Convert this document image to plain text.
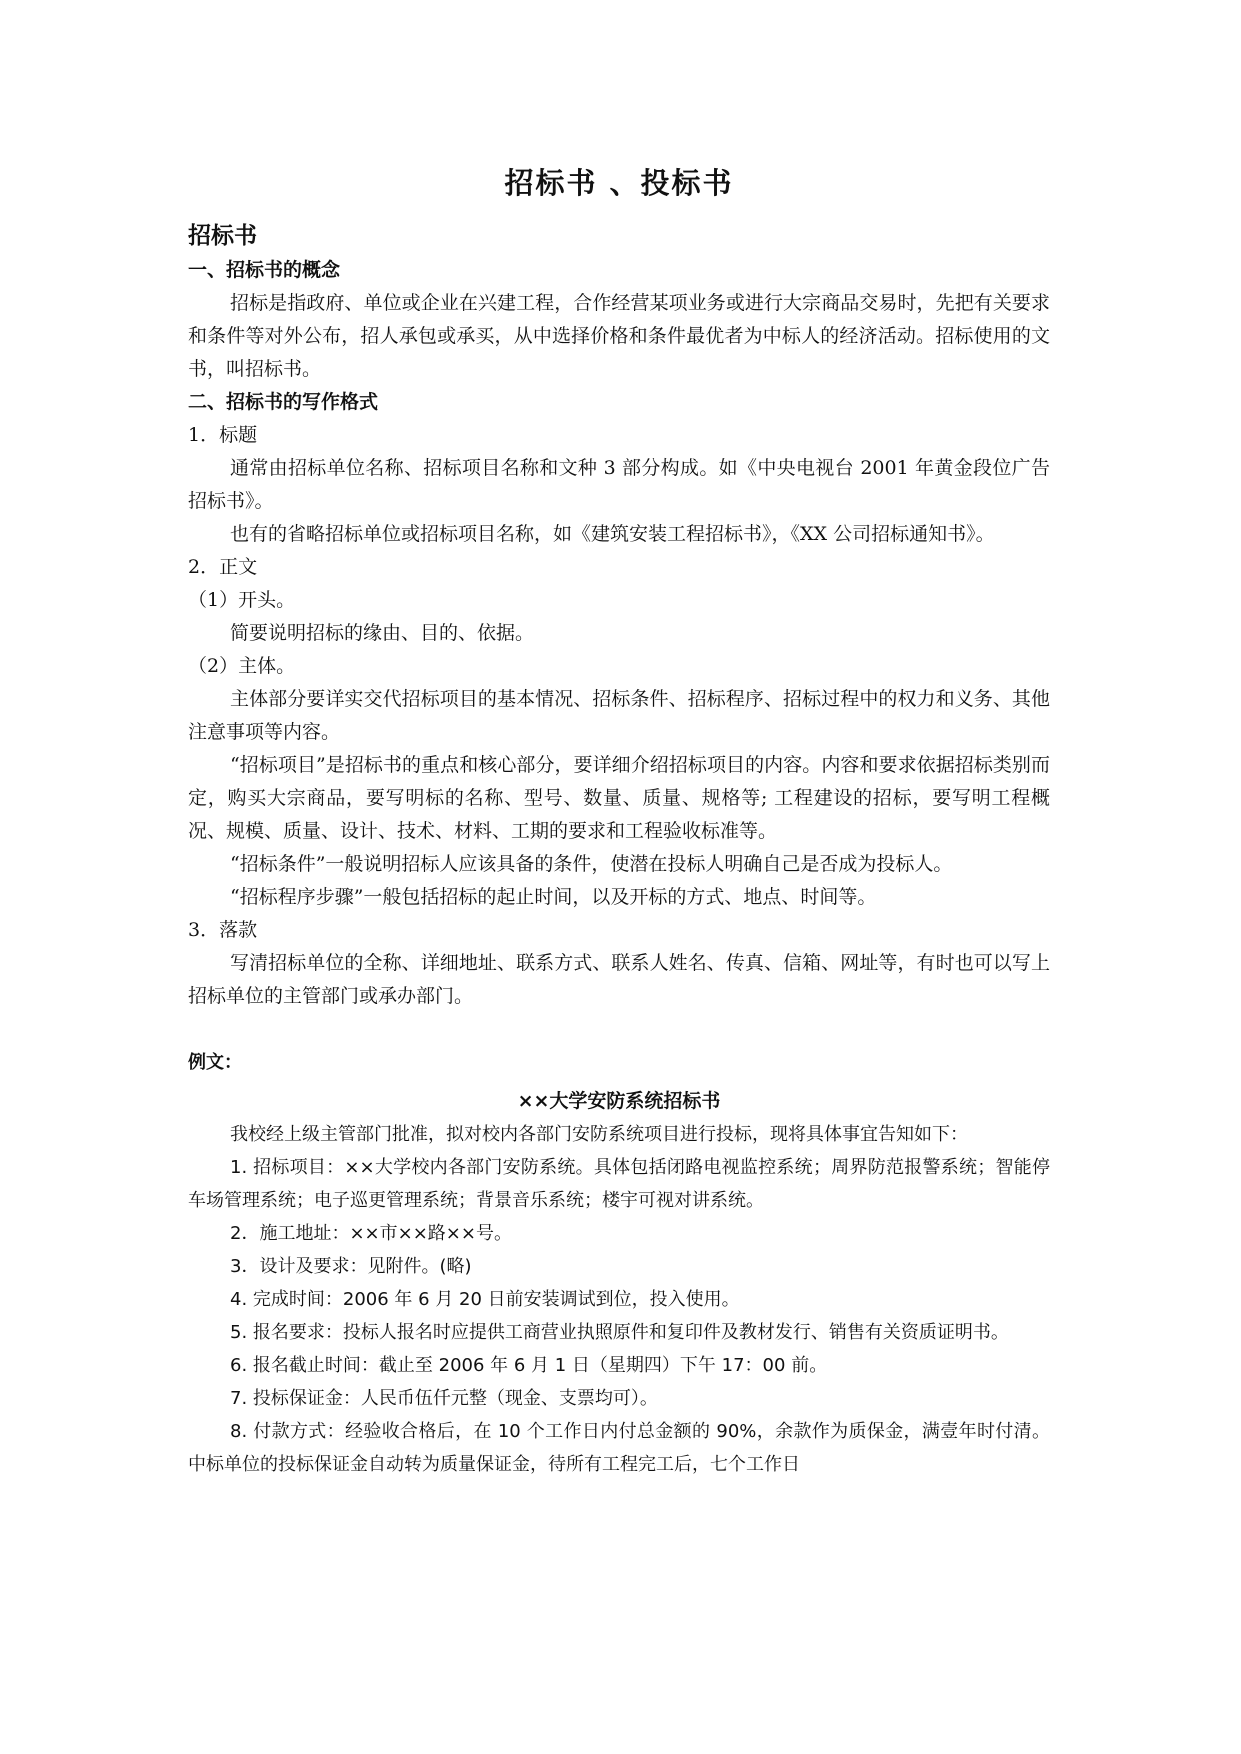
招标书 、投标书
招标书
一、招标书的概念

招标是指政府、单位或企业在兴建工程，合作经营某项业务或进行大宗商品交易时，先把有关要求和条件等对外公布，招人承包或承买，从中选择价格和条件最优者为中标人的经济活动。招标使用的文书，叫招标书。

二、招标书的写作格式
1．标题

通常由招标单位名称、招标项目名称和文种 3 部分构成。如《中央电视台 2001 年黄金段位广告招标书》。

也有的省略招标单位或招标项目名称，如《建筑安装工程招标书》，《XX 公司招标通知书》。

2．正文
（1）开头。

简要说明招标的缘由、目的、依据。

（2）主体。

主体部分要详实交代招标项目的基本情况、招标条件、招标程序、招标过程中的权力和义务、其他注意事项等内容。

“招标项目”是招标书的重点和核心部分，要详细介绍招标项目的内容。内容和要求依据招标类别而定，购买大宗商品，要写明标的名称、型号、数量、质量、规格等; 工程建设的招标，要写明工程概况、规模、质量、设计、技术、材料、工期的要求和工程验收标准等。

“招标条件”一般说明招标人应该具备的条件，使潜在投标人明确自己是否成为投标人。

“招标程序步骤”一般包括招标的起止时间，以及开标的方式、地点、时间等。

3．落款

写清招标单位的全称、详细地址、联系方式、联系人姓名、传真、信箱、网址等，有时也可以写上招标单位的主管部门或承办部门。

例文：
××大学安防系统招标书

我校经上级主管部门批准，拟对校内各部门安防系统项目进行投标，现将具体事宜告知如下：

1. 招标项目：××大学校内各部门安防系统。具体包括闭路电视监控系统；周界防范报警系统；智能停车场管理系统；电子巡更管理系统；背景音乐系统；楼宇可视对讲系统。

2．施工地址：××市××路××号。

3．设计及要求：见附件。(略)

4. 完成时间：2006 年 6 月 20 日前安装调试到位，投入使用。

5. 报名要求：投标人报名时应提供工商营业执照原件和复印件及教材发行、销售有关资质证明书。

6. 报名截止时间：截止至 2006 年 6 月 1 日（星期四）下午 17：00 前。

7. 投标保证金：人民币伍仟元整（现金、支票均可）。

8. 付款方式：经验收合格后，在 10 个工作日内付总金额的 90%，余款作为质保金，满壹年时付清。中标单位的投标保证金自动转为质量保证金，待所有工程完工后，七个工作日
